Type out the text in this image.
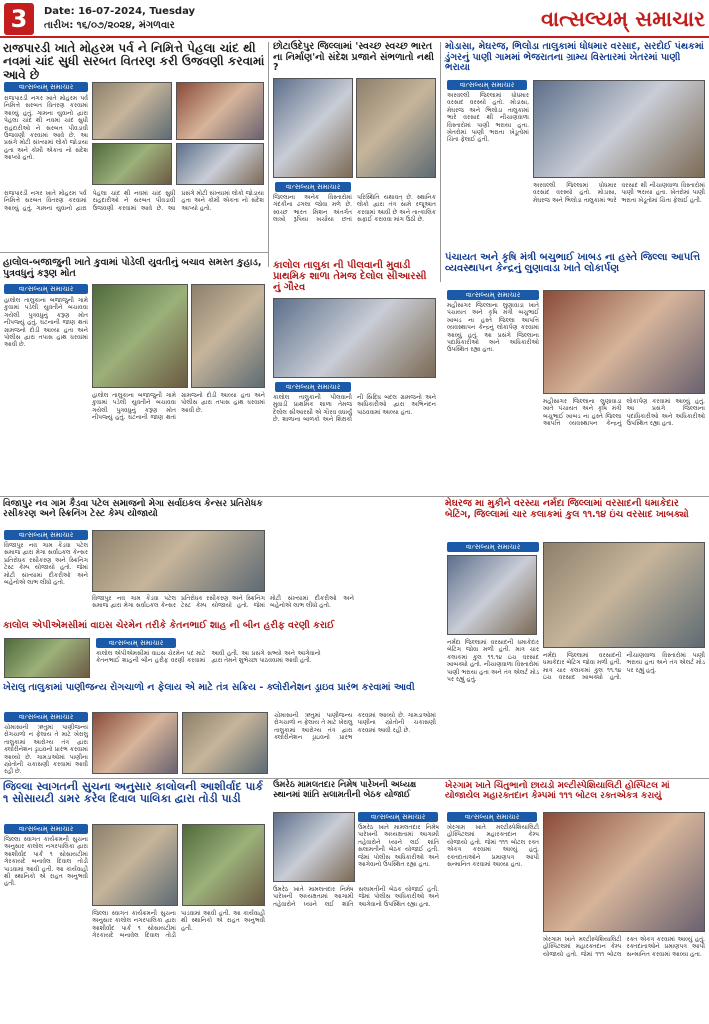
3	Date: 16-07-2024, Tuesday
તારીખ: ૧૬/૦૭/૨૦૨૪, મંગળવાર	વાત્સલ્યમ્ સમાચાર
રાજપારડી ખાતે મોહરમ પર્વ ને નિમિત્તે પેહલા ચાંદ થી નવમાં ચાંદ સુધી સરબત વિતરણ કરી ઉજવણી કરવામાં આવે છે
વાત્સલ્યમ્ સમાચાર
રાજપારડી નગર ખાતે મોહરમ પર્વ નિમિત્તે સરબત વિતરણ કરવામાં આવ્યું હતું. ગામના યુવાનો દ્વારા પેહલા ચાંદ થી નવમાં ચાંદ સુધી રાહદારીઓ ને સરબત પીવડાવી ઉજવણી કરવામાં આવે છે. આ પ્રસંગે મોટી સંખ્યામાં લોકો જોડાયા હતા અને કોમી એકતા નો સંદેશ આપ્યો હતો.
રાજપારડી નગર ખાતે મોહરમ પર્વ નિમિત્તે સરબત વિતરણ કરવામાં આવ્યું હતું. ગામના યુવાનો દ્વારા પેહલા ચાંદ થી નવમાં ચાંદ સુધી રાહદારીઓ ને સરબત પીવડાવી ઉજવણી કરવામાં આવે છે. આ પ્રસંગે મોટી સંખ્યામાં લોકો જોડાયા હતા અને કોમી એકતા નો સંદેશ આપ્યો હતો.
છોટાઉદેપુર જિલ્લામાં 'સ્વચ્છ સ્વચ્છ ભારત ના નિર્માણ'નો સંદેશ પ્રજાને સંભળાતો નથી ?
વાત્સલ્યમ્ સમાચાર
જિલ્લાના અનેક વિસ્તારોમાં ગંદકીના ઢગલા જોવા મળે છે. સ્વચ્છ ભારત મિશન અંતર્ગત લાખો રૂપિયા ખર્ચાયા છતાં પરિસ્થિતિ યથાવત્ છે. સ્થાનિક લોકો દ્વારા તંત્ર સામે રજૂઆત કરવામાં આવી છે અને તાત્કાલિક સફાઈ કરાવવા માંગ ઉઠી છે.
મોડાસા, મેઘરજ, ભિલોડા તાલુકામાં ધોધમાર વરસાદ, સરદોઈ પંથકમાં ડુંગરનું પાણી ગામમાં ભેજરાતના ગ્રામ્ય વિસ્તારમાં ખેતરમાં પાણી ભરાયા
વાત્સલ્યમ્ સમાચાર
અરવલ્લી જિલ્લામાં ધોધમાર વરસાદ વરસ્યો હતો. મોડાસા, મેઘરજ અને ભિલોડા તાલુકામાં ભારે વરસાદ થી નીચાણવાળા વિસ્તારોમાં પાણી ભરાયા હતા. ખેતરોમાં પાણી ભરાતા ખેડૂતોમાં ચિંતા ફેલાઈ હતી.
અરવલ્લી જિલ્લામાં ધોધમાર વરસાદ વરસ્યો હતો. મોડાસા, મેઘરજ અને ભિલોડા તાલુકામાં ભારે વરસાદ થી નીચાણવાળા વિસ્તારોમાં પાણી ભરાયા હતા. ખેતરોમાં પાણી ભરાતા ખેડૂતોમાં ચિંતા ફેલાઈ હતી.
હાલોલ-બજાજુની ખાતે કુવામાં પોડેલી યુવતીનું બચાવ સમસ્ત કુહાડ, પુત્રવધુનું કરૂણ મોત
વાત્સલ્યમ્ સમાચાર
હાલોલ તાલુકાના બજાજુની ગામે કુવામાં પડેલી યુવતીને બચાવવા ગયેલી પુત્રવધુનું કરૂણ મોત નીપજ્યું હતું. ઘટનાની જાણ થતાં ગ્રામજનો દોડી આવ્યા હતા અને પોલીસ દ્વારા તપાસ હાથ ધરવામાં આવી છે.
હાલોલ તાલુકાના બજાજુની ગામે કુવામાં પડેલી યુવતીને બચાવવા ગયેલી પુત્રવધુનું કરૂણ મોત નીપજ્યું હતું. ઘટનાની જાણ થતાં ગ્રામજનો દોડી આવ્યા હતા અને પોલીસ દ્વારા તપાસ હાથ ધરવામાં આવી છે.
પંચાયત અને કૃષિ મંત્રી બચુભાઈ ખાબડ ના હસ્તે જિલ્લા આપત્તિ વ્યવસ્થાપન કેન્દ્રનું લુણાવાડા ખાતે લોકાર્પણ
વાત્સલ્યમ્ સમાચાર
મહીસાગર જિલ્લાના લુણાવાડા ખાતે પંચાયત અને કૃષિ મંત્રી બચુભાઈ ખાબડ ના હસ્તે જિલ્લા આપત્તિ વ્યવસ્થાપન કેન્દ્રનું લોકાર્પણ કરવામાં આવ્યું હતું. આ પ્રસંગે જિલ્લાના પદાધિકારીઓ અને અધિકારીઓ ઉપસ્થિત રહ્યા હતા.
મહીસાગર જિલ્લાના લુણાવાડા ખાતે પંચાયત અને કૃષિ મંત્રી બચુભાઈ ખાબડ ના હસ્તે જિલ્લા આપત્તિ વ્યવસ્થાપન કેન્દ્રનું લોકાર્પણ કરવામાં આવ્યું હતું. આ પ્રસંગે જિલ્લાના પદાધિકારીઓ અને અધિકારીઓ ઉપસ્થિત રહ્યા હતા.
કાલોલ તાલુકા ની પીલવાની મુવાડી પ્રાથમિક શાળા તેમજ દેલોલ સીઆરસી નું ગૌરવ
વાત્સલ્યમ્ સમાચાર
કાલોલ તાલુકાની પીલવાની મુવાડી પ્રાથમિક શાળા તેમજ દેલોલ સીઆરસી એ ગૌરવ વધાર્યું છે. શાળાના બાળકો અને શિક્ષકો ની સિદ્ધિ બદલ ગ્રામજનો અને અધિકારીઓ દ્વારા અભિનંદન પાઠવવામાં આવ્યા હતા.
વિજાપુર નવ ગામ કૈડવા પટેલ સમાજનો મેગા સર્વાઇકલ કેન્સર પ્રતિરોધક રસીકરણ અને સ્ક્રિનિંગ ટેસ્ટ કેમ્પ યોજાયો
વાત્સલ્યમ્ સમાચાર
વિજાપુર નવ ગામ કૈડવા પટેલ સમાજ દ્વારા મેગા સર્વાઇકલ કેન્સર પ્રતિરોધક રસીકરણ અને સ્ક્રિનિંગ ટેસ્ટ કેમ્પ યોજાયો હતો. જેમાં મોટી સંખ્યામાં દીકરીઓ અને બહેનોએ લાભ લીધો હતો.
વિજાપુર નવ ગામ કૈડવા પટેલ સમાજ દ્વારા મેગા સર્વાઇકલ કેન્સર પ્રતિરોધક રસીકરણ અને સ્ક્રિનિંગ ટેસ્ટ કેમ્પ યોજાયો હતો. જેમાં મોટી સંખ્યામાં દીકરીઓ અને બહેનોએ લાભ લીધો હતો.
મેઘરજ મા મુકીને વરસ્યા નર્મદા જિલ્લામાં વરસાદની ધમાકેદાર બેટિંગ, જિલ્લામાં ચાર કલાકમાં કુલ ૧૧.૧૪ ઇંચ વરસાદ ખાબક્યો
વાત્સલ્યમ્ સમાચાર
નર્મદા જિલ્લામાં વરસાદની ધમાકેદાર બેટિંગ જોવા મળી હતી. માત્ર ચાર કલાકમાં કુલ ૧૧.૧૪ ઇંચ વરસાદ ખાબક્યો હતો. નીચાણવાળા વિસ્તારોમાં પાણી ભરાયા હતા અને તંત્ર એલર્ટ મોડ પર રહ્યું હતું.
નર્મદા જિલ્લામાં વરસાદની ધમાકેદાર બેટિંગ જોવા મળી હતી. માત્ર ચાર કલાકમાં કુલ ૧૧.૧૪ ઇંચ વરસાદ ખાબક્યો હતો. નીચાણવાળા વિસ્તારોમાં પાણી ભરાયા હતા અને તંત્ર એલર્ટ મોડ પર રહ્યું હતું.
કાલોલ એપીએમસીમાં વાઇસ ચેરમેન તરીકે કેતનભાઈ શાહ ની બીન હરીફ વરણી કરાઈ
વાત્સલ્યમ્ સમાચાર
કાલોલ એપીએમસીમાં વાઇસ ચેરમેન પદ માટે કેતનભાઈ શાહની બીન હરીફ વરણી કરવામાં આવી હતી. આ પ્રસંગે સભ્યો અને આગેવાનો દ્વારા તેમને શુભેચ્છા પાઠવવામાં આવી હતી.
ખેરાલુ તાલુકામાં પાણીજન્ય રોગચાળો ન ફેલાય એ માટે તંત્ર સક્રિય - ક્લોરીનેશન ડ્રાઇવ પ્રારંભ કરવામાં આવી
વાત્સલ્યમ્ સમાચાર
ચોમાસાની ઋતુમાં પાણીજન્ય રોગચાળો ન ફેલાય તે માટે ખેરાલુ તાલુકામાં આરોગ્ય તંત્ર દ્વારા ક્લોરીનેશન ડ્રાઇવનો પ્રારંભ કરવામાં આવ્યો છે. ગામડાઓમાં પાણીના સ્ત્રોતોની ચકાસણી કરવામાં આવી રહી છે.
ચોમાસાની ઋતુમાં પાણીજન્ય રોગચાળો ન ફેલાય તે માટે ખેરાલુ તાલુકામાં આરોગ્ય તંત્ર દ્વારા ક્લોરીનેશન ડ્રાઇવનો પ્રારંભ કરવામાં આવ્યો છે. ગામડાઓમાં પાણીના સ્ત્રોતોની ચકાસણી કરવામાં આવી રહી છે.
ઉમરેઠ મામલતદાર નિમેષ પારેખની અધ્યક્ષ સ્થાનમાં શાંતિ સલામતીની બેઠક યોજાઈ
વાત્સલ્યમ્ સમાચાર
ઉમરેઠ ખાતે મામલતદાર નિમેષ પારેખની અધ્યક્ષતામાં આગામી તહેવારોને ધ્યાને લઈ શાંતિ સલામતીની બેઠક યોજાઈ હતી. જેમાં પોલીસ અધિકારીઓ અને આગેવાનો ઉપસ્થિત રહ્યા હતા.
ઉમરેઠ ખાતે મામલતદાર નિમેષ પારેખની અધ્યક્ષતામાં આગામી તહેવારોને ધ્યાને લઈ શાંતિ સલામતીની બેઠક યોજાઈ હતી. જેમાં પોલીસ અધિકારીઓ અને આગેવાનો ઉપસ્થિત રહ્યા હતા.
ખેરગામ ખાતે ચિંતુભાનો છાયડો મલ્ટીસ્પેશિયાલિટી હોસ્પિટલ માં યોજાયેલ મહારક્તદાન કેમ્પમાં ૧૧૧ બોટલ રક્તએકત્ર કરાયું
વાત્સલ્યમ્ સમાચાર
ખેરગામ ખાતે મલ્ટીસ્પેશિયાલિટી હોસ્પિટલમાં મહારક્તદાન કેમ્પ યોજાયો હતો. જેમાં ૧૧૧ બોટલ રક્ત એકત્ર કરવામાં આવ્યું હતું. રક્તદાતાઓને પ્રમાણપત્ર આપી સન્માનિત કરવામાં આવ્યા હતા.
ખેરગામ ખાતે મલ્ટીસ્પેશિયાલિટી હોસ્પિટલમાં મહારક્તદાન કેમ્પ યોજાયો હતો. જેમાં ૧૧૧ બોટલ રક્ત એકત્ર કરવામાં આવ્યું હતું. રક્તદાતાઓને પ્રમાણપત્ર આપી સન્માનિત કરવામાં આવ્યા હતા.
જિલ્લા સ્વાગતની સુચના અનુસાર કાલોલની આશીર્વાદ પાર્ક ૧ સોસાયટી ડામર કરેલ દિવાલ પાલિકા દ્વારા તોડી પાડી
વાત્સલ્યમ્ સમાચાર
જિલ્લા સ્વાગત કાર્યક્રમની સુચના અનુસાર કાલોલ નગરપાલિકા દ્વારા આશીર્વાદ પાર્ક ૧ સોસાયટીમાં ગેરકાયદે બનાવેલ દિવાલ તોડી પાડવામાં આવી હતી. આ કાર્યવાહી થી સ્થાનિકો એ રાહત અનુભવી હતી.
જિલ્લા સ્વાગત કાર્યક્રમની સુચના અનુસાર કાલોલ નગરપાલિકા દ્વારા આશીર્વાદ પાર્ક ૧ સોસાયટીમાં ગેરકાયદે બનાવેલ દિવાલ તોડી પાડવામાં આવી હતી. આ કાર્યવાહી થી સ્થાનિકો એ રાહત અનુભવી હતી.
